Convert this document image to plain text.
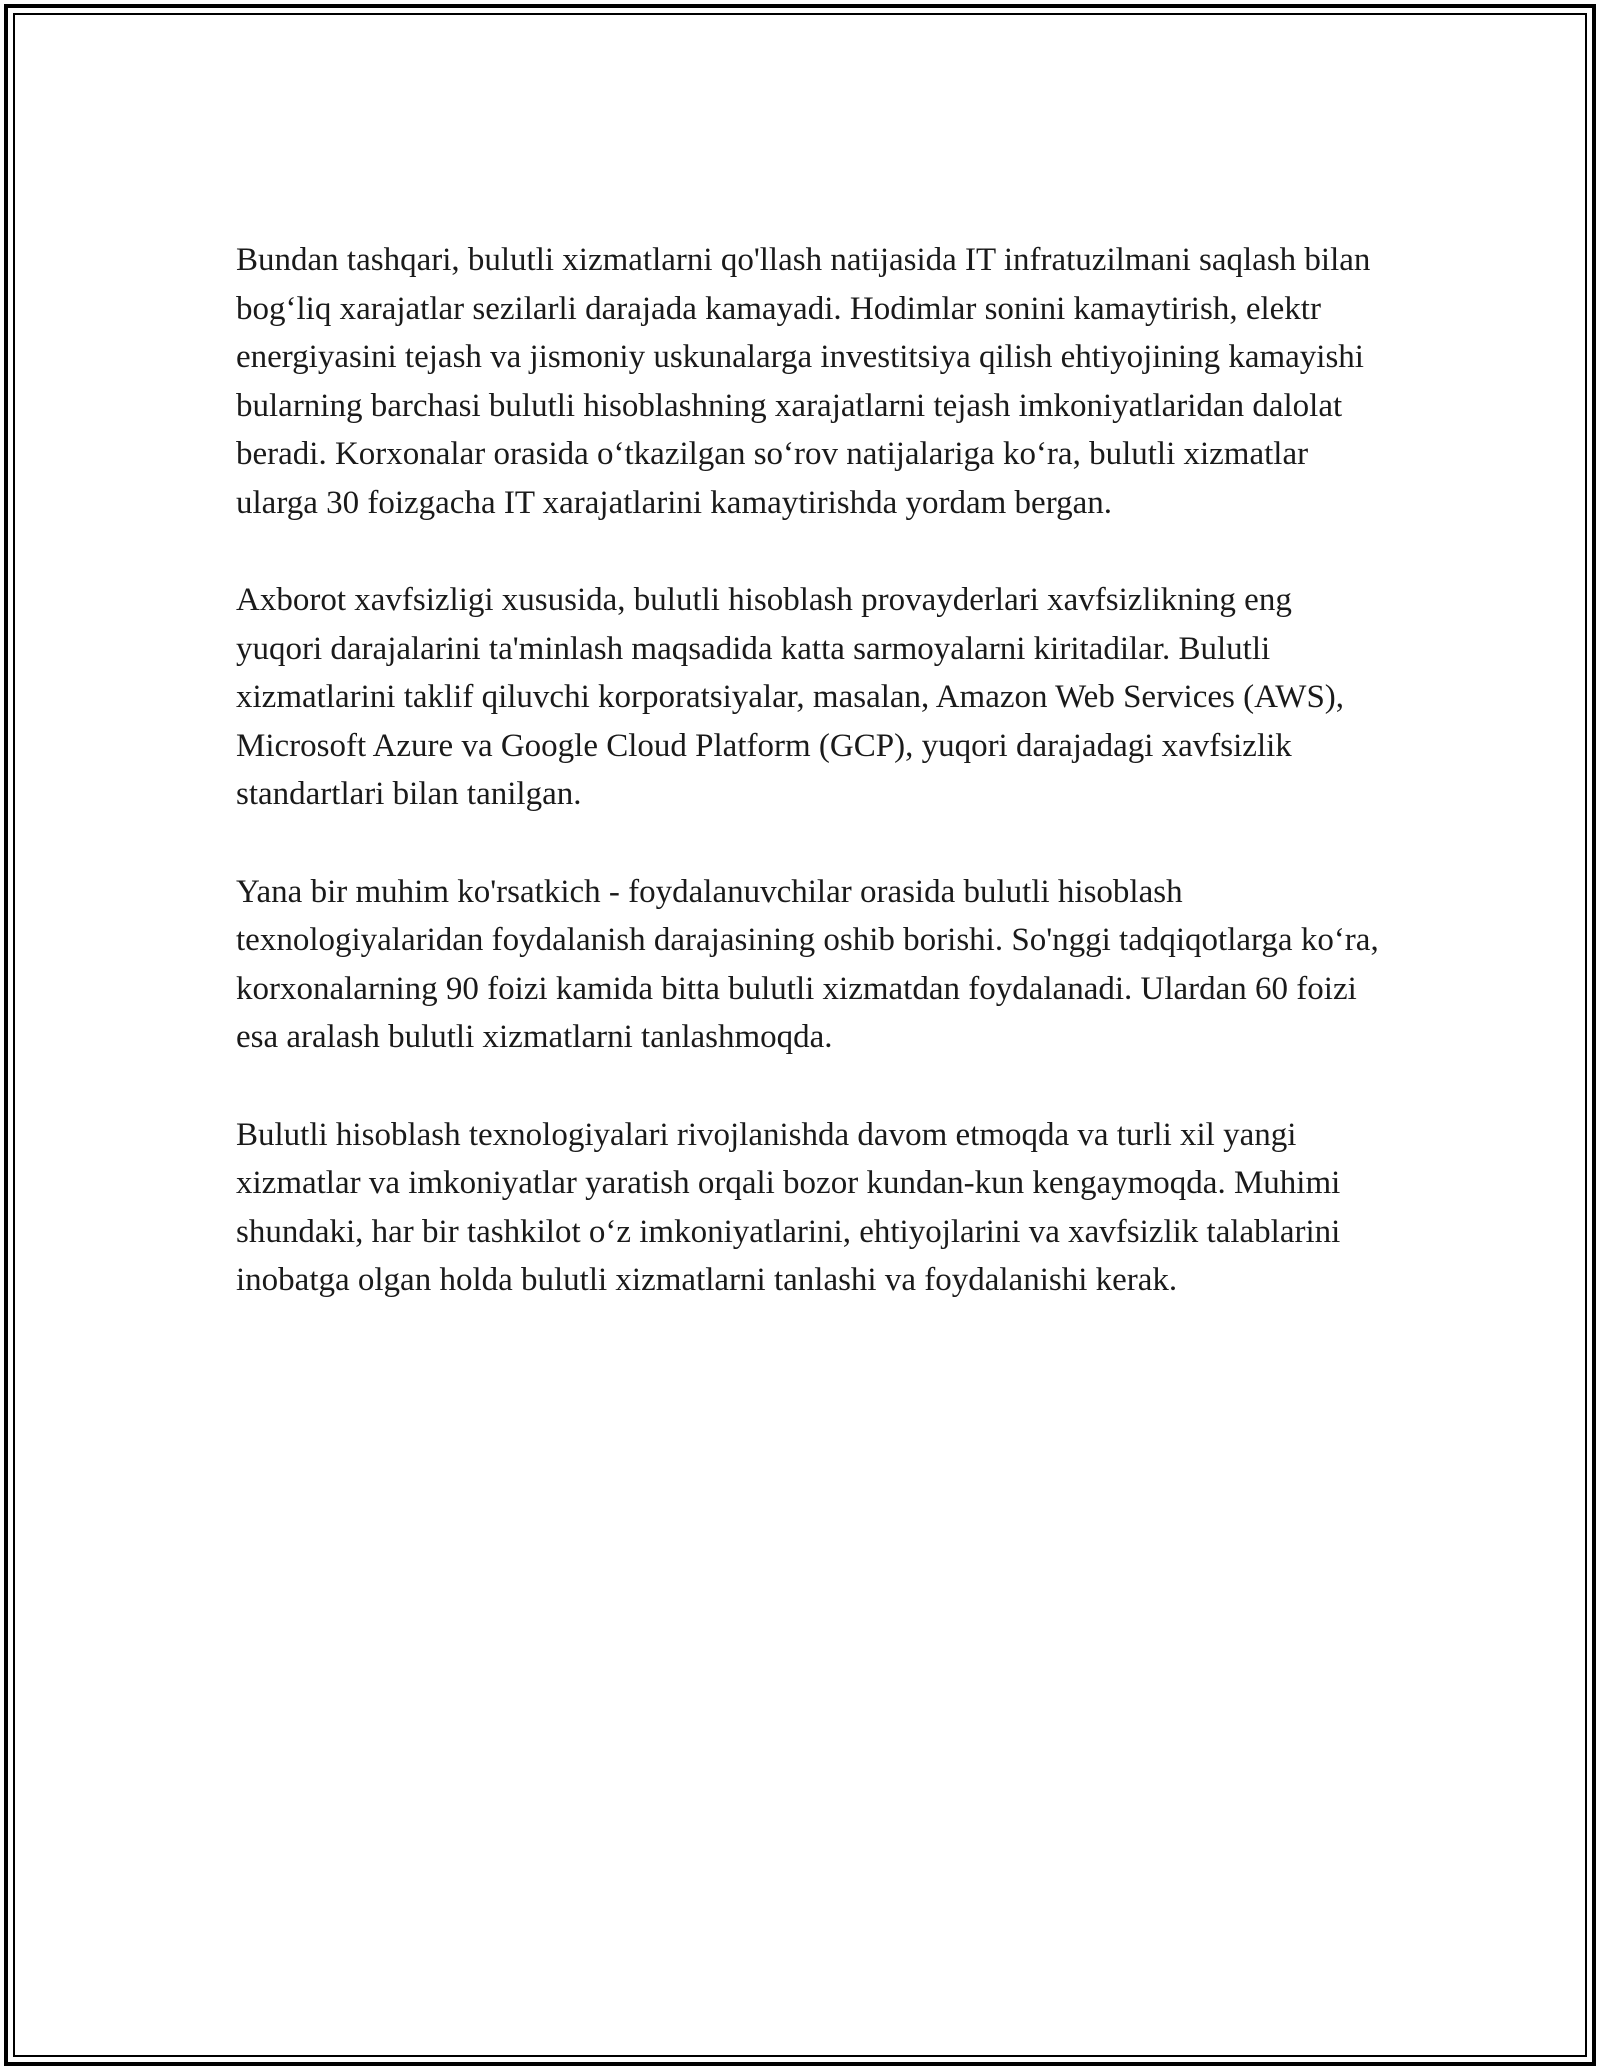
Bundan tashqari, bulutli xizmatlarni qo'llash natijasida IT infratuzilmani saqlash bilan bog‘liq xarajatlar sezilarli darajada kamayadi. Hodimlar sonini kamaytirish, elektr energiyasini tejash va jismoniy uskunalarga investitsiya qilish ehtiyojining kamayishi bularning barchasi bulutli hisoblashning xarajatlarni tejash imkoniyatlaridan dalolat beradi. Korxonalar orasida o‘tkazilgan so‘rov natijalariga ko‘ra, bulutli xizmatlar ularga 30 foizgacha IT xarajatlarini kamaytirishda yordam bergan.

Axborot xavfsizligi xususida, bulutli hisoblash provayderlari xavfsizlikning eng yuqori darajalarini ta'minlash maqsadida katta sarmoyalarni kiritadilar. Bulutli xizmatlarini taklif qiluvchi korporatsiyalar, masalan, Amazon Web Services (AWS), Microsoft Azure va Google Cloud Platform (GCP), yuqori darajadagi xavfsizlik standartlari bilan tanilgan.

Yana bir muhim ko'rsatkich - foydalanuvchilar orasida bulutli hisoblash texnologiyalaridan foydalanish darajasining oshib borishi. So'nggi tadqiqotlarga ko‘ra, korxonalarning 90 foizi kamida bitta bulutli xizmatdan foydalanadi. Ulardan 60 foizi esa aralash bulutli xizmatlarni tanlashmoqda.

Bulutli hisoblash texnologiyalari rivojlanishda davom etmoqda va turli xil yangi xizmatlar va imkoniyatlar yaratish orqali bozor kundan-kun kengaymoqda. Muhimi shundaki, har bir tashkilot o‘z imkoniyatlarini, ehtiyojlarini va xavfsizlik talablarini inobatga olgan holda bulutli xizmatlarni tanlashi va foydalanishi kerak.
